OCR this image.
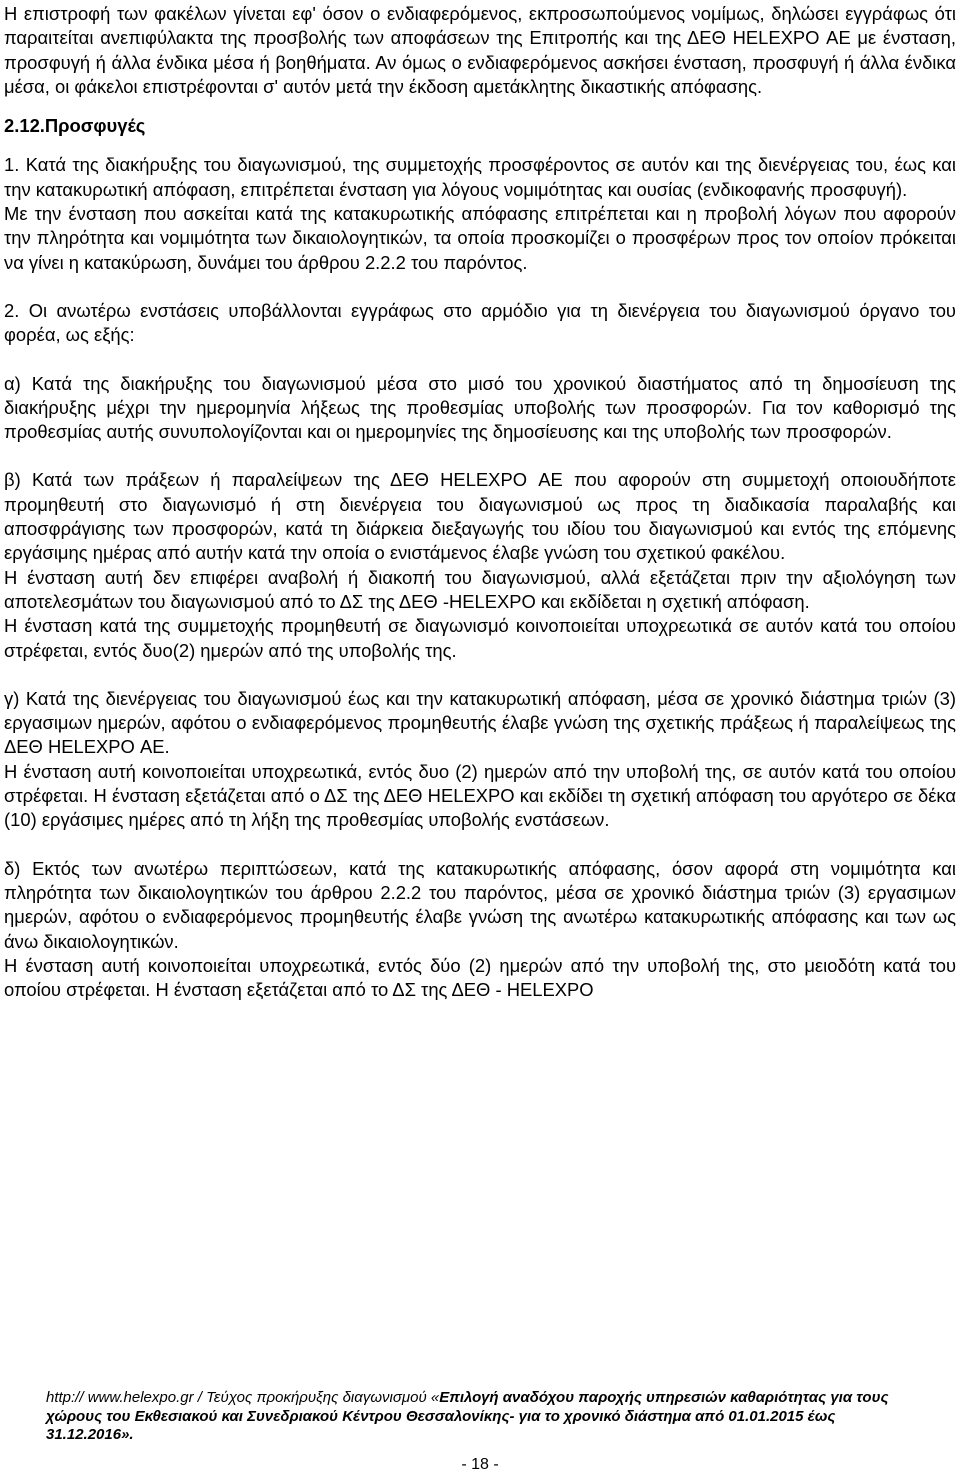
Η επιστροφή των φακέλων γίνεται εφ' όσον ο ενδιαφερόμενος, εκπροσωπούμενος νομίμως, δηλώσει εγγράφως ότι παραιτείται ανεπιφύλακτα της προσβολής των αποφάσεων της Επιτροπής και της ΔΕΘ HELEXPO ΑΕ με ένσταση, προσφυγή ή άλλα ένδικα μέσα ή βοηθήματα. Αν όμως ο ενδιαφερόμενος ασκήσει ένσταση, προσφυγή ή άλλα ένδικα μέσα, οι φάκελοι επιστρέφονται σ' αυτόν μετά την έκδοση αμετάκλητης δικαστικής απόφασης.

2.12.Προσφυγές

1. Κατά της διακήρυξης του διαγωνισμού, της συμμετοχής προσφέροντος σε αυτόν και της διενέργειας του, έως και την κατακυρωτική απόφαση, επιτρέπεται ένσταση για λόγους νομιμότητας και ουσίας (ενδικοφανής προσφυγή).

Με την ένσταση που ασκείται κατά της κατακυρωτικής απόφασης επιτρέπεται και η προβολή λόγων που αφορούν την πληρότητα και νομιμότητα των δικαιολογητικών, τα οποία προσκομίζει ο προσφέρων προς τον οποίον πρόκειται να γίνει η κατακύρωση, δυνάμει του άρθρου 2.2.2 του παρόντος.

2. Οι ανωτέρω ενστάσεις υποβάλλονται εγγράφως στο αρμόδιο για τη διενέργεια του διαγωνισμού όργανο του φορέα, ως εξής:

α) Κατά της διακήρυξης του διαγωνισμού μέσα στο μισό του χρονικού διαστήματος από τη δημοσίευση της διακήρυξης μέχρι την ημερομηνία λήξεως της προθεσμίας υποβολής των προσφορών. Για τον καθορισμό της προθεσμίας αυτής συνυπολογίζονται και οι ημερομηνίες της δημοσίευσης και της υποβολής των προσφορών.

β) Κατά των πράξεων ή παραλείψεων της ΔΕΘ HELEXPO ΑΕ που αφορούν στη συμμετοχή οποιουδήποτε προμηθευτή στο διαγωνισμό ή στη διενέργεια του διαγωνισμού ως προς τη διαδικασία παραλαβής και αποσφράγισης των προσφορών, κατά τη διάρκεια διεξαγωγής του ιδίου του διαγωνισμού και εντός της επόμενης εργάσιμης ημέρας από αυτήν κατά την οποία ο ενιστάμενος έλαβε γνώση του σχετικού φακέλου.

Η ένσταση αυτή δεν επιφέρει αναβολή ή διακοπή του διαγωνισμού, αλλά εξετάζεται πριν την αξιολόγηση των αποτελεσμάτων του διαγωνισμού από το ΔΣ της ΔΕΘ -HELEXPO και εκδίδεται η σχετική απόφαση.

Η ένσταση κατά της συμμετοχής προμηθευτή σε διαγωνισμό κοινοποιείται υποχρεωτικά σε αυτόν κατά του οποίου στρέφεται, εντός δυο(2) ημερών από της υποβολής της.

γ) Κατά της διενέργειας του διαγωνισμού έως και την κατακυρωτική απόφαση, μέσα σε χρονικό διάστημα τριών (3) εργασιμων ημερών, αφότου ο ενδιαφερόμενος προμηθευτής έλαβε γνώση της σχετικής πράξεως ή παραλείψεως της ΔΕΘ HELEXPO ΑΕ.

Η ένσταση αυτή κοινοποιείται υποχρεωτικά, εντός δυο (2) ημερών από την υποβολή της, σε αυτόν κατά του οποίου στρέφεται. Η ένσταση εξετάζεται από ο ΔΣ της ΔΕΘ HELEXPO και εκδίδει τη σχετική απόφαση του αργότερο σε δέκα (10) εργάσιμες ημέρες από τη λήξη της προθεσμίας υποβολής ενστάσεων.

δ) Εκτός των ανωτέρω περιπτώσεων, κατά της κατακυρωτικής απόφασης, όσον αφορά στη νομιμότητα και πληρότητα των δικαιολογητικών του άρθρου 2.2.2 του παρόντος, μέσα σε χρονικό διάστημα τριών (3) εργασιμων ημερών, αφότου ο ενδιαφερόμενος προμηθευτής έλαβε γνώση της ανωτέρω κατακυρωτικής απόφασης και των ως άνω δικαιολογητικών.

Η ένσταση αυτή κοινοποιείται υποχρεωτικά, εντός δύο (2) ημερών από την υποβολή της, στο μειοδότη κατά του οποίου στρέφεται. Η ένσταση εξετάζεται από το ΔΣ της ΔΕΘ - HELEXPO

http:// www.helexpo.gr / Τεύχος προκήρυξης διαγωνισμού «Επιλογή αναδόχου παροχής υπηρεσιών καθαριότητας για τους χώρους του Εκθεσιακού και Συνεδριακού Κέντρου Θεσσαλονίκης- για το χρονικό διάστημα από 01.01.2015 έως 31.12.2016».
- 18 -
